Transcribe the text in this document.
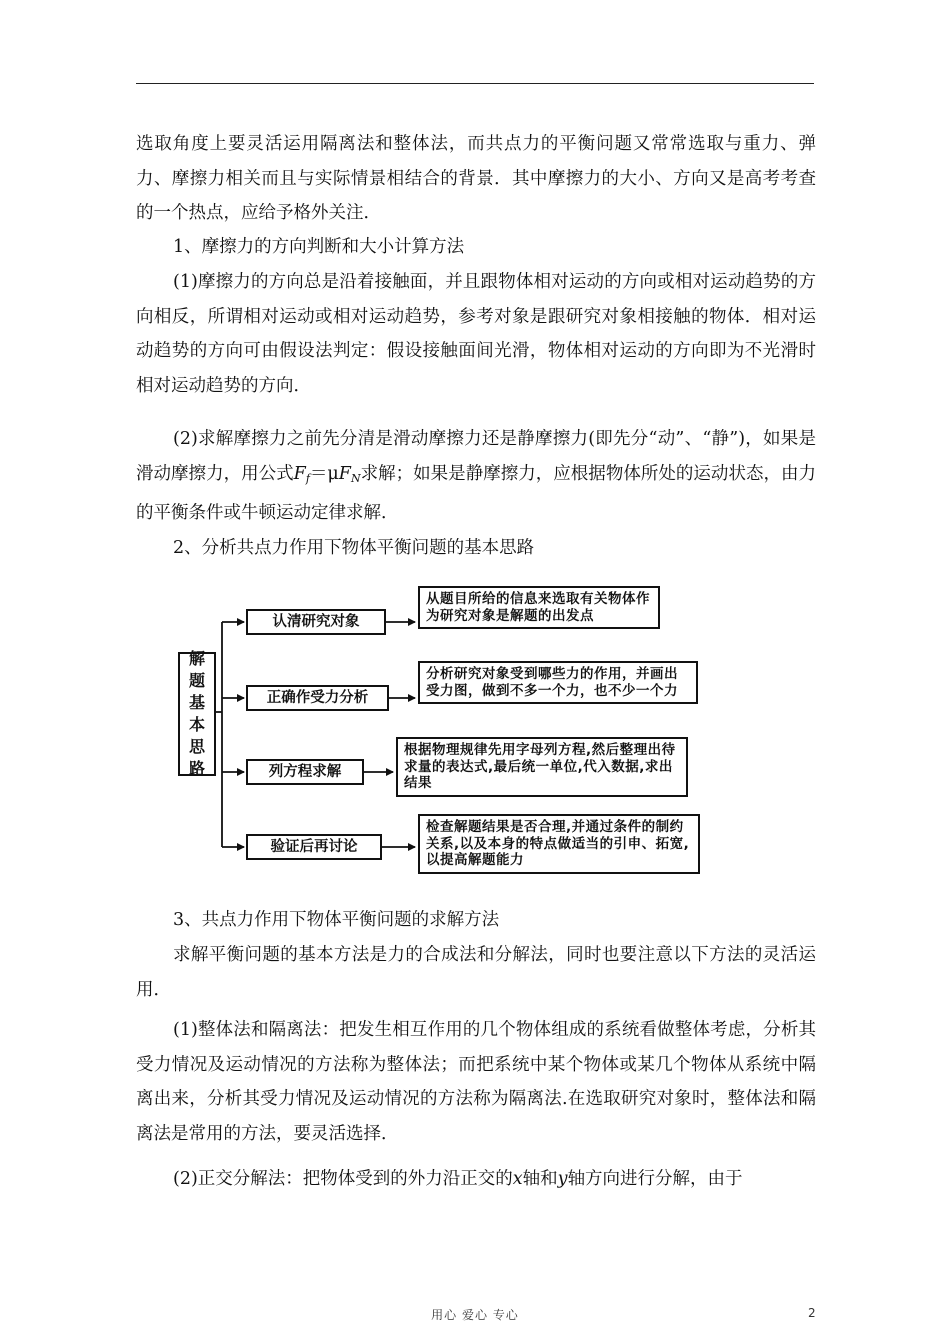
选取角度上要灵活运用隔离法和整体法，而共点力的平衡问题又常常选取与重力、弹力、摩擦力相关而且与实际情景相结合的背景．其中摩擦力的大小、方向又是高考考查的一个热点，应给予格外关注．

1、摩擦力的方向判断和大小计算方法

(1)摩擦力的方向总是沿着接触面，并且跟物体相对运动的方向或相对运动趋势的方向相反，所谓相对运动或相对运动趋势，参考对象是跟研究对象相接触的物体．相对运动趋势的方向可由假设法判定：假设接触面间光滑，物体相对运动的方向即为不光滑时相对运动趋势的方向．

(2)求解摩擦力之前先分清是滑动摩擦力还是静摩擦力(即先分“动”、“静”)，如果是滑动摩擦力，用公式$F_f=\mu F_N$求解；如果是静摩擦力，应根据物体所处的运动状态，由力的平衡条件或牛顿运动定律求解．

2、分析共点力作用下物体平衡问题的基本思路

解题基本思路
认清研究对象
正确作受力分析
列方程求解
验证后再讨论
从题目所给的信息来选取有关物体作为研究对象是解题的出发点
分析研究对象受到哪些力的作用，并画出受力图，做到不多一个力，也不少一个力
根据物理规律先用字母列方程,然后整理出待求量的表达式,最后统一单位,代入数据,求出结果
检查解题结果是否合理,并通过条件的制约关系,以及本身的特点做适当的引申、拓宽,以提高解题能力

3、共点力作用下物体平衡问题的求解方法

求解平衡问题的基本方法是力的合成法和分解法，同时也要注意以下方法的灵活运用．

(1)整体法和隔离法：把发生相互作用的几个物体组成的系统看做整体考虑，分析其受力情况及运动情况的方法称为整体法；而把系统中某个物体或某几个物体从系统中隔离出来，分析其受力情况及运动情况的方法称为隔离法.在选取研究对象时，整体法和隔离法是常用的方法，要灵活选择．

(2)正交分解法：把物体受到的外力沿正交的x轴和y轴方向进行分解，由于

用心 爱心 专心	2
